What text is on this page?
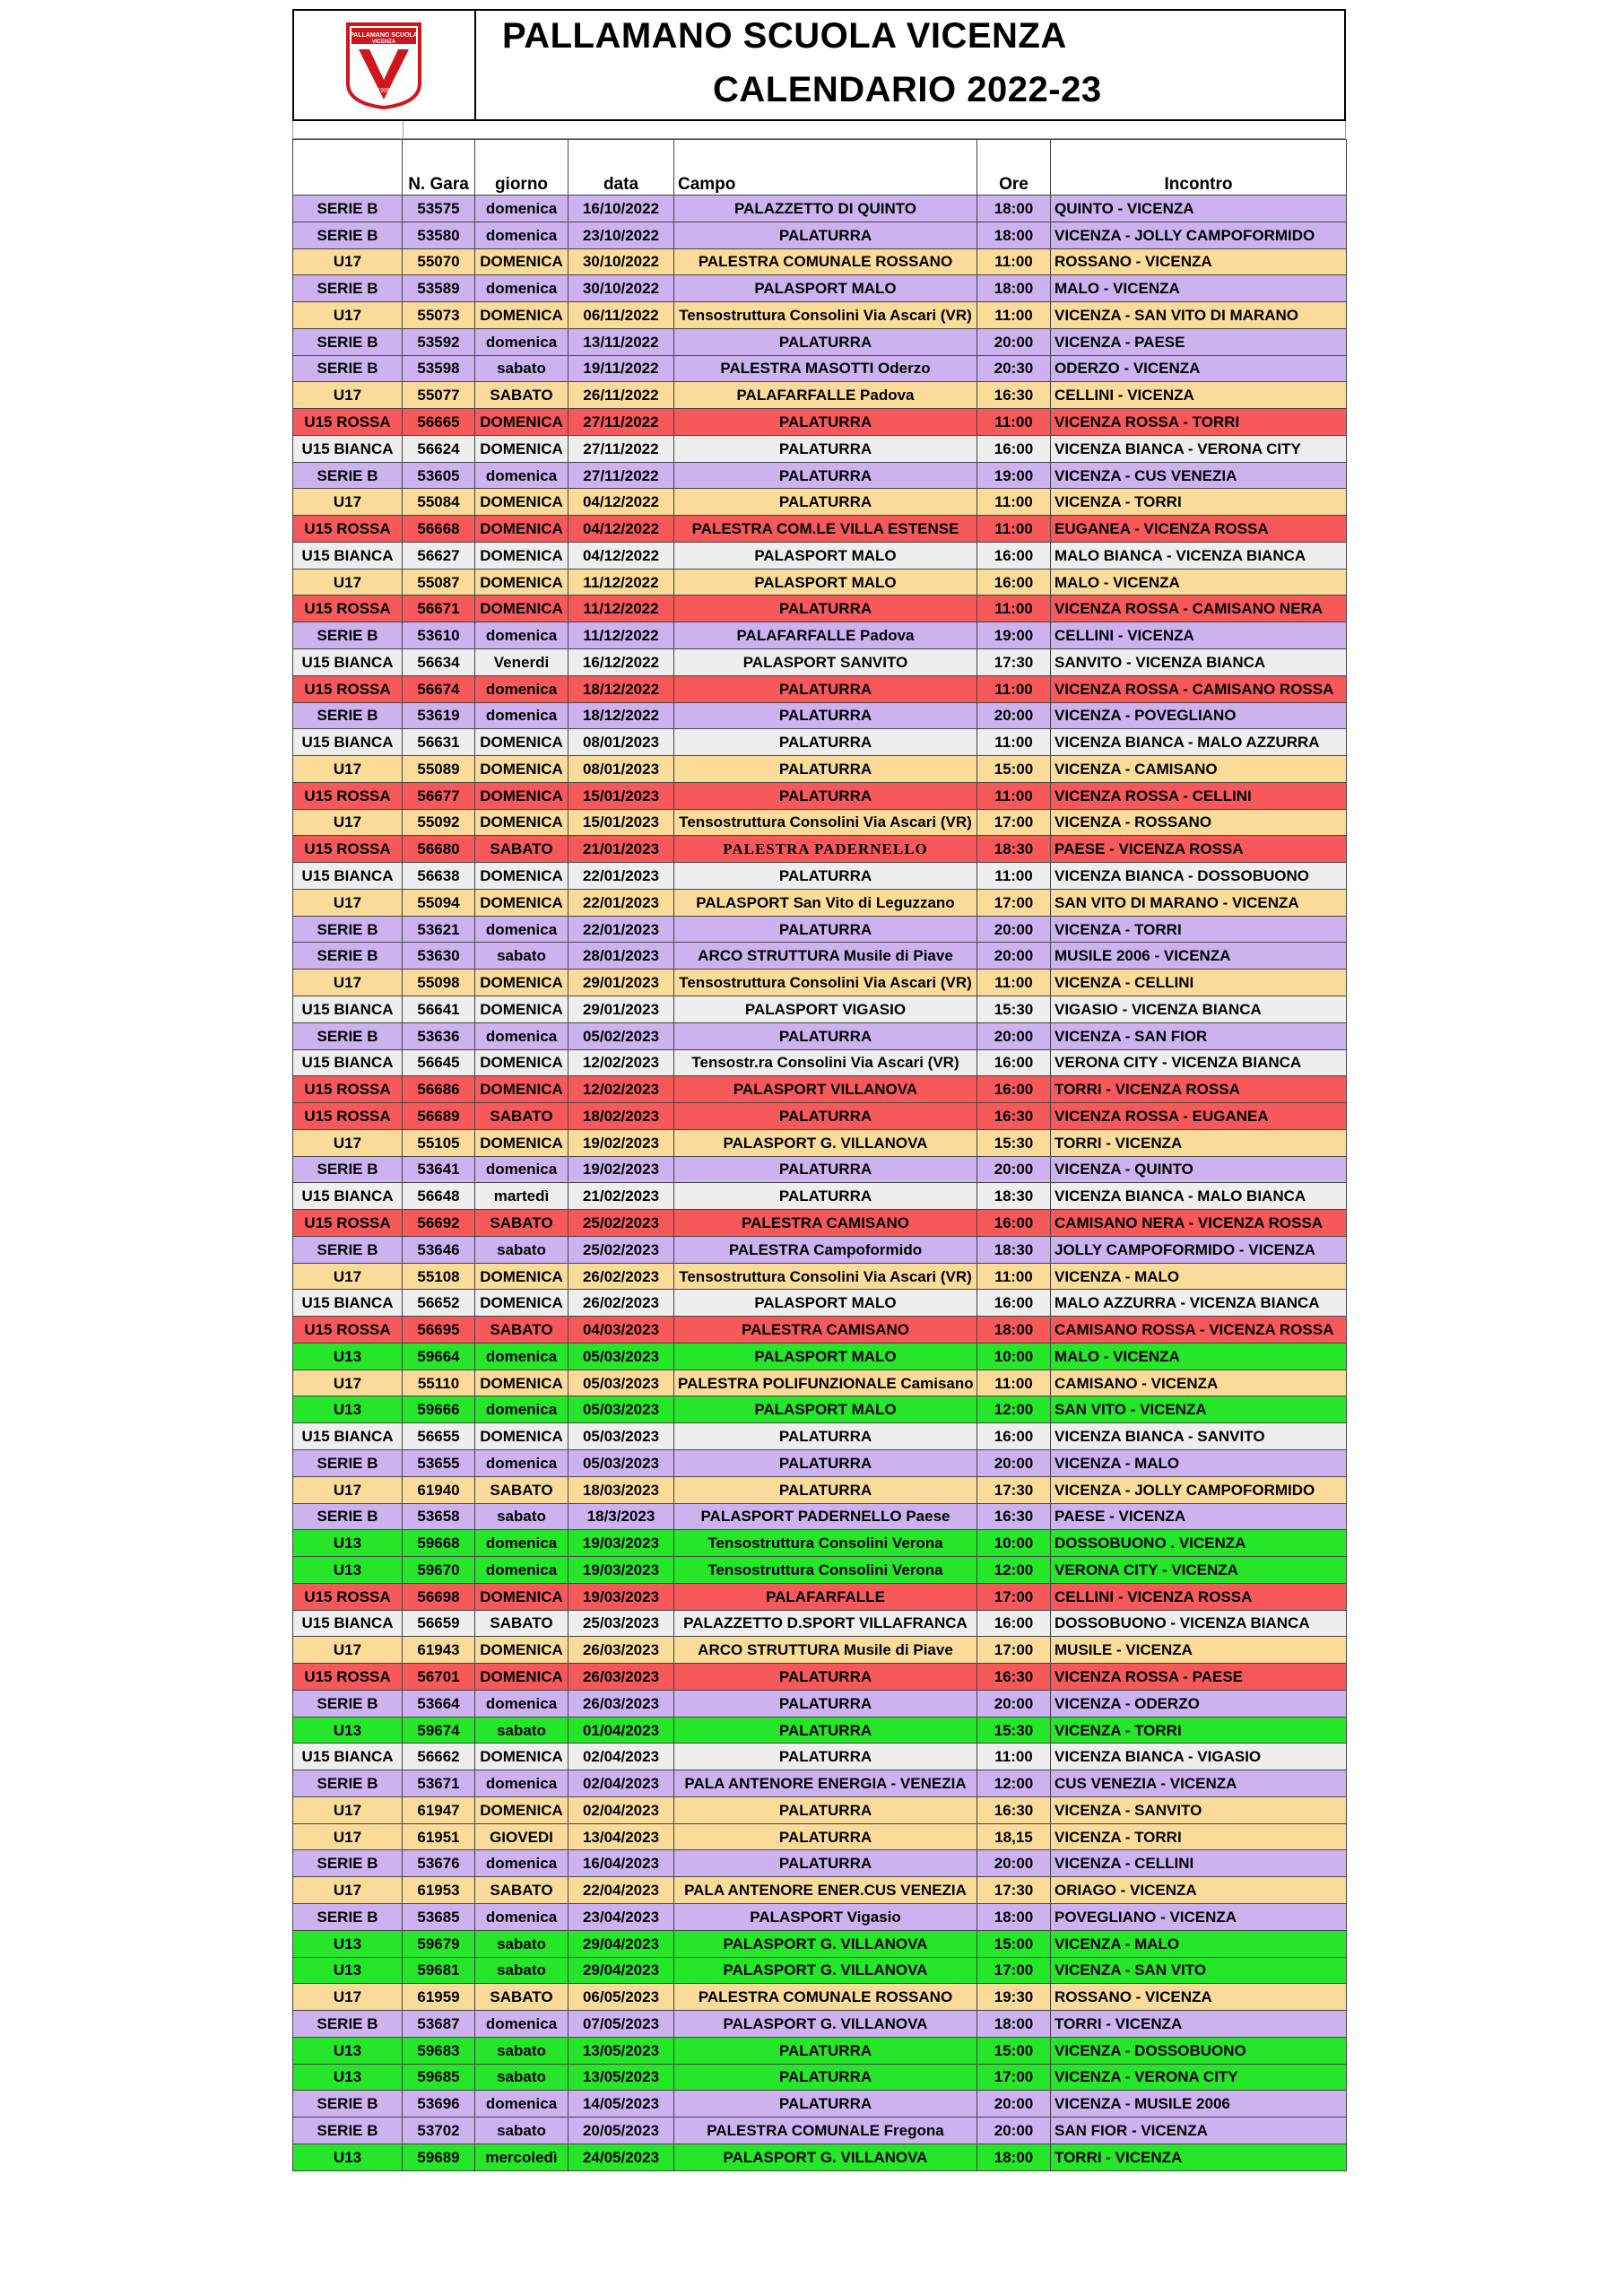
PALLAMANO SCUOLA
VICENZA
1995
PALLAMANO SCUOLA VICENZA
CALENDARIO 2022-23
	N. Gara	giorno	data	Campo	Ore	Incontro
SERIE B	53575	domenica	16/10/2022	PALAZZETTO DI QUINTO	18:00	QUINTO - VICENZA
SERIE B	53580	domenica	23/10/2022	PALATURRA	18:00	VICENZA - JOLLY CAMPOFORMIDO
U17	55070	DOMENICA	30/10/2022	PALESTRA COMUNALE ROSSANO	11:00	ROSSANO - VICENZA
SERIE B	53589	domenica	30/10/2022	PALASPORT MALO	18:00	MALO - VICENZA
U17	55073	DOMENICA	06/11/2022	Tensostruttura Consolini Via Ascari (VR)	11:00	VICENZA - SAN VITO DI MARANO
SERIE B	53592	domenica	13/11/2022	PALATURRA	20:00	VICENZA - PAESE
SERIE B	53598	sabato	19/11/2022	PALESTRA MASOTTI Oderzo	20:30	ODERZO - VICENZA
U17	55077	SABATO	26/11/2022	PALAFARFALLE Padova	16:30	CELLINI - VICENZA
U15 ROSSA	56665	DOMENICA	27/11/2022	PALATURRA	11:00	VICENZA ROSSA - TORRI
U15 BIANCA	56624	DOMENICA	27/11/2022	PALATURRA	16:00	VICENZA BIANCA - VERONA CITY
SERIE B	53605	domenica	27/11/2022	PALATURRA	19:00	VICENZA - CUS VENEZIA
U17	55084	DOMENICA	04/12/2022	PALATURRA	11:00	VICENZA - TORRI
U15 ROSSA	56668	DOMENICA	04/12/2022	PALESTRA COM.LE VILLA ESTENSE	11:00	EUGANEA - VICENZA ROSSA
U15 BIANCA	56627	DOMENICA	04/12/2022	PALASPORT MALO	16:00	MALO BIANCA - VICENZA BIANCA
U17	55087	DOMENICA	11/12/2022	PALASPORT MALO	16:00	MALO - VICENZA
U15 ROSSA	56671	DOMENICA	11/12/2022	PALATURRA	11:00	VICENZA ROSSA - CAMISANO NERA
SERIE B	53610	domenica	11/12/2022	PALAFARFALLE Padova	19:00	CELLINI - VICENZA
U15 BIANCA	56634	Venerdi	16/12/2022	PALASPORT SANVITO	17:30	SANVITO - VICENZA BIANCA
U15 ROSSA	56674	domenica	18/12/2022	PALATURRA	11:00	VICENZA ROSSA - CAMISANO ROSSA
SERIE B	53619	domenica	18/12/2022	PALATURRA	20:00	VICENZA - POVEGLIANO
U15 BIANCA	56631	DOMENICA	08/01/2023	PALATURRA	11:00	VICENZA BIANCA - MALO AZZURRA
U17	55089	DOMENICA	08/01/2023	PALATURRA	15:00	VICENZA - CAMISANO
U15 ROSSA	56677	DOMENICA	15/01/2023	PALATURRA	11:00	VICENZA ROSSA - CELLINI
U17	55092	DOMENICA	15/01/2023	Tensostruttura Consolini Via Ascari (VR)	17:00	VICENZA - ROSSANO
U15 ROSSA	56680	SABATO	21/01/2023	PALESTRA PADERNELLO	18:30	PAESE - VICENZA ROSSA
U15 BIANCA	56638	DOMENICA	22/01/2023	PALATURRA	11:00	VICENZA BIANCA - DOSSOBUONO
U17	55094	DOMENICA	22/01/2023	PALASPORT San Vito di Leguzzano	17:00	SAN VITO DI MARANO - VICENZA
SERIE B	53621	domenica	22/01/2023	PALATURRA	20:00	VICENZA - TORRI
SERIE B	53630	sabato	28/01/2023	ARCO STRUTTURA Musile di Piave	20:00	MUSILE 2006 - VICENZA
U17	55098	DOMENICA	29/01/2023	Tensostruttura Consolini Via Ascari (VR)	11:00	VICENZA - CELLINI
U15 BIANCA	56641	DOMENICA	29/01/2023	PALASPORT VIGASIO	15:30	VIGASIO - VICENZA BIANCA
SERIE B	53636	domenica	05/02/2023	PALATURRA	20:00	VICENZA - SAN FIOR
U15 BIANCA	56645	DOMENICA	12/02/2023	Tensostr.ra Consolini Via Ascari (VR)	16:00	VERONA CITY - VICENZA BIANCA
U15 ROSSA	56686	DOMENICA	12/02/2023	PALASPORT VILLANOVA	16:00	TORRI - VICENZA ROSSA
U15 ROSSA	56689	SABATO	18/02/2023	PALATURRA	16:30	VICENZA ROSSA - EUGANEA
U17	55105	DOMENICA	19/02/2023	PALASPORT G. VILLANOVA	15:30	TORRI - VICENZA
SERIE B	53641	domenica	19/02/2023	PALATURRA	20:00	VICENZA - QUINTO
U15 BIANCA	56648	martedì	21/02/2023	PALATURRA	18:30	VICENZA BIANCA - MALO BIANCA
U15 ROSSA	56692	SABATO	25/02/2023	PALESTRA CAMISANO	16:00	CAMISANO NERA - VICENZA ROSSA
SERIE B	53646	sabato	25/02/2023	PALESTRA Campoformido	18:30	JOLLY CAMPOFORMIDO - VICENZA
U17	55108	DOMENICA	26/02/2023	Tensostruttura Consolini Via Ascari (VR)	11:00	VICENZA - MALO
U15 BIANCA	56652	DOMENICA	26/02/2023	PALASPORT MALO	16:00	MALO AZZURRA - VICENZA BIANCA
U15 ROSSA	56695	SABATO	04/03/2023	PALESTRA CAMISANO	18:00	CAMISANO ROSSA - VICENZA ROSSA
U13	59664	domenica	05/03/2023	PALASPORT MALO	10:00	MALO - VICENZA
U17	55110	DOMENICA	05/03/2023	PALESTRA POLIFUNZIONALE Camisano	11:00	CAMISANO - VICENZA
U13	59666	domenica	05/03/2023	PALASPORT MALO	12:00	SAN VITO - VICENZA
U15 BIANCA	56655	DOMENICA	05/03/2023	PALATURRA	16:00	VICENZA BIANCA - SANVITO
SERIE B	53655	domenica	05/03/2023	PALATURRA	20:00	VICENZA - MALO
U17	61940	SABATO	18/03/2023	PALATURRA	17:30	VICENZA - JOLLY CAMPOFORMIDO
SERIE B	53658	sabato	18/3/2023	PALASPORT PADERNELLO Paese	16:30	PAESE - VICENZA
U13	59668	domenica	19/03/2023	Tensostruttura Consolini Verona	10:00	DOSSOBUONO . VICENZA
U13	59670	domenica	19/03/2023	Tensostruttura Consolini Verona	12:00	VERONA CITY - VICENZA
U15 ROSSA	56698	DOMENICA	19/03/2023	PALAFARFALLE	17:00	CELLINI - VICENZA ROSSA
U15 BIANCA	56659	SABATO	25/03/2023	PALAZZETTO D.SPORT VILLAFRANCA	16:00	DOSSOBUONO - VICENZA BIANCA
U17	61943	DOMENICA	26/03/2023	ARCO STRUTTURA Musile di Piave	17:00	MUSILE - VICENZA
U15 ROSSA	56701	DOMENICA	26/03/2023	PALATURRA	16:30	VICENZA ROSSA - PAESE
SERIE B	53664	domenica	26/03/2023	PALATURRA	20:00	VICENZA - ODERZO
U13	59674	sabato	01/04/2023	PALATURRA	15:30	VICENZA - TORRI
U15 BIANCA	56662	DOMENICA	02/04/2023	PALATURRA	11:00	VICENZA BIANCA - VIGASIO
SERIE B	53671	domenica	02/04/2023	PALA ANTENORE ENERGIA - VENEZIA	12:00	CUS VENEZIA - VICENZA
U17	61947	DOMENICA	02/04/2023	PALATURRA	16:30	VICENZA - SANVITO
U17	61951	GIOVEDI	13/04/2023	PALATURRA	18,15	VICENZA - TORRI
SERIE B	53676	domenica	16/04/2023	PALATURRA	20:00	VICENZA - CELLINI
U17	61953	SABATO	22/04/2023	PALA ANTENORE ENER.CUS VENEZIA	17:30	ORIAGO - VICENZA
SERIE B	53685	domenica	23/04/2023	PALASPORT Vigasio	18:00	POVEGLIANO - VICENZA
U13	59679	sabato	29/04/2023	PALASPORT G. VILLANOVA	15:00	VICENZA - MALO
U13	59681	sabato	29/04/2023	PALASPORT G. VILLANOVA	17:00	VICENZA - SAN VITO
U17	61959	SABATO	06/05/2023	PALESTRA COMUNALE ROSSANO	19:30	ROSSANO - VICENZA
SERIE B	53687	domenica	07/05/2023	PALASPORT G. VILLANOVA	18:00	TORRI - VICENZA
U13	59683	sabato	13/05/2023	PALATURRA	15:00	VICENZA - DOSSOBUONO
U13	59685	sabato	13/05/2023	PALATURRA	17:00	VICENZA - VERONA CITY
SERIE B	53696	domenica	14/05/2023	PALATURRA	20:00	VICENZA - MUSILE 2006
SERIE B	53702	sabato	20/05/2023	PALESTRA COMUNALE Fregona	20:00	SAN FIOR - VICENZA
U13	59689	mercoledì	24/05/2023	PALASPORT G. VILLANOVA	18:00	TORRI - VICENZA
